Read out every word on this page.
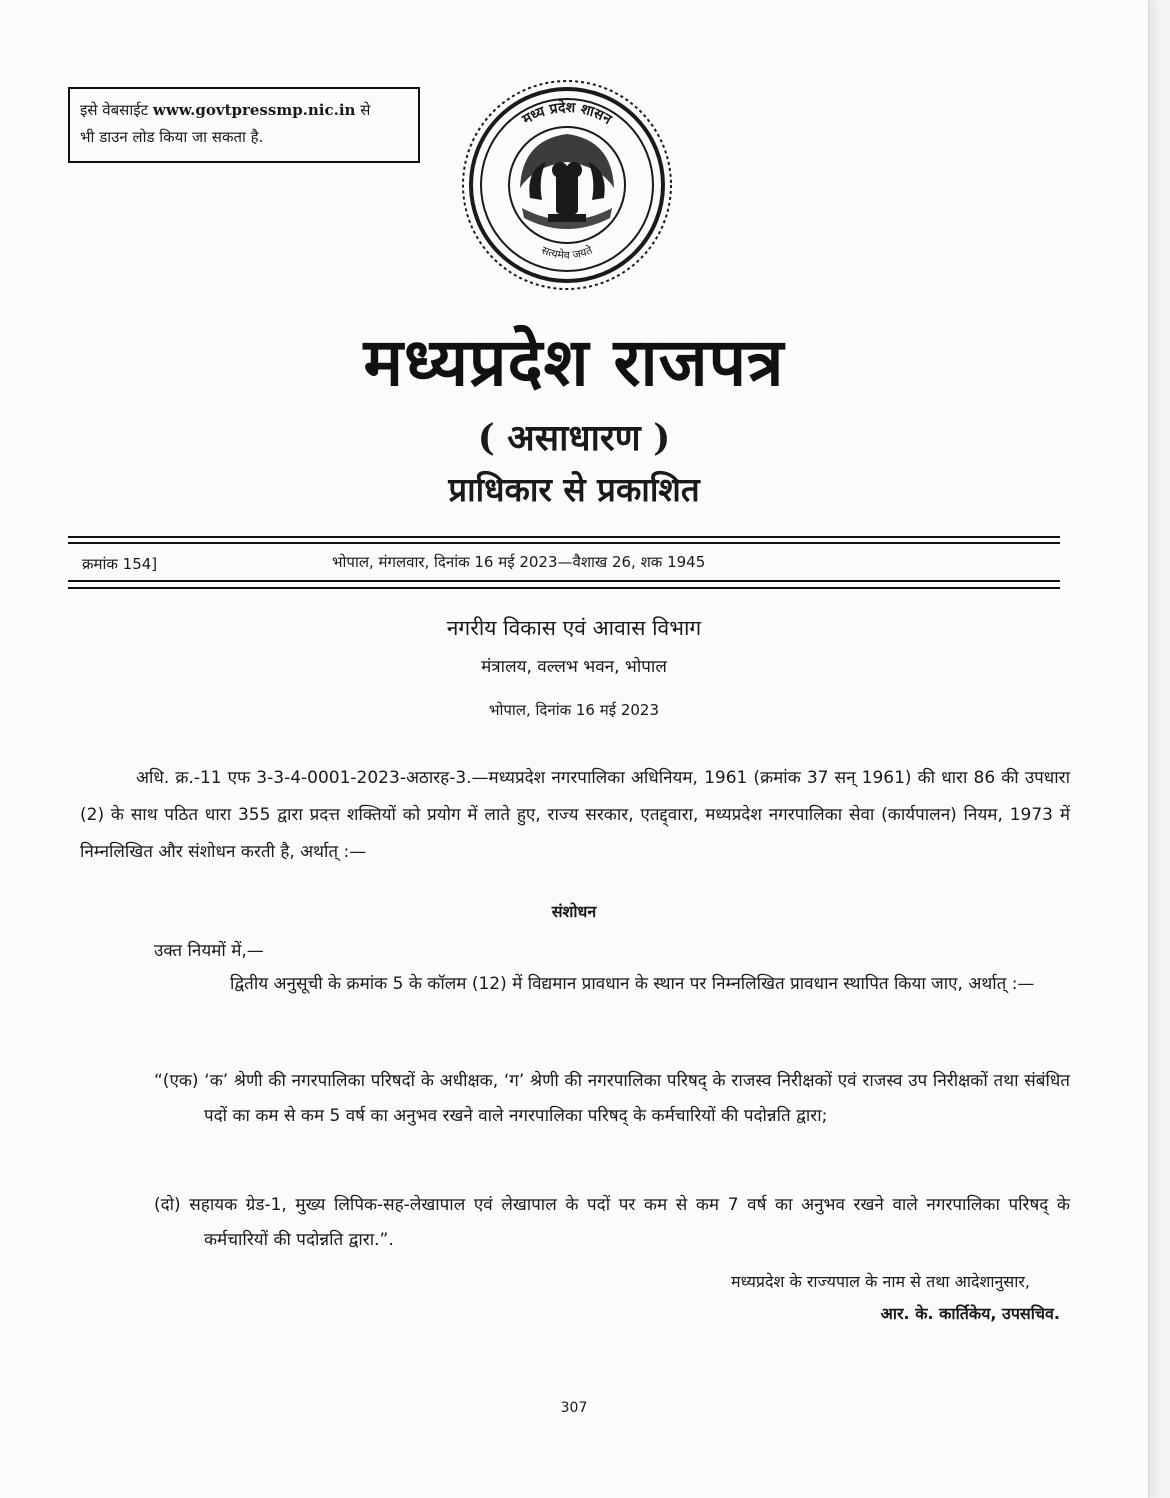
इसे वेबसाईट www.govtpressmp.nic.in से
भी डाउन लोड किया जा सकता है.
मध्य प्रदेश शासन
सत्यमेव जयते
मध्यप्रदेश राजपत्र
( असाधारण )
प्राधिकार से प्रकाशित
क्रमांक 154]	भोपाल, मंगलवार, दिनांक 16 मई 2023—वैशाख 26, शक 1945
नगरीय विकास एवं आवास विभाग
मंत्रालय, वल्लभ भवन, भोपाल
भोपाल, दिनांक 16 मई 2023
अधि. क्र.-11 एफ 3-3-4-0001-2023-अठारह-3.—मध्यप्रदेश नगरपालिका अधिनियम, 1961 (क्रमांक 37 सन् 1961) की धारा 86 की उपधारा (2) के साथ पठित धारा 355 द्वारा प्रदत्त शक्तियों को प्रयोग में लाते हुए, राज्य सरकार, एतद्द्वारा, मध्यप्रदेश नगरपालिका सेवा (कार्यपालन) नियम, 1973 में निम्नलिखित और संशोधन करती है, अर्थात् :—
संशोधन
उक्त नियमों में,—
द्वितीय अनुसूची के क्रमांक 5 के कॉलम (12) में विद्यमान प्रावधान के स्थान पर निम्नलिखित प्रावधान स्थापित किया जाए, अर्थात् :—
“(एक) ‘क’ श्रेणी की नगरपालिका परिषदों के अधीक्षक, ‘ग’ श्रेणी की नगरपालिका परिषद् के राजस्व निरीक्षकों एवं राजस्व उप निरीक्षकों तथा संबंधित पदों का कम से कम 5 वर्ष का अनुभव रखने वाले नगरपालिका परिषद् के कर्मचारियों की पदोन्नति द्वारा;
(दो) सहायक ग्रेड-1, मुख्य लिपिक-सह-लेखापाल एवं लेखापाल के पदों पर कम से कम 7 वर्ष का अनुभव रखने वाले नगरपालिका परिषद् के कर्मचारियों की पदोन्नति द्वारा.”.
मध्यप्रदेश के राज्यपाल के नाम से तथा आदेशानुसार,
आर. के. कार्तिकेय, उपसचिव.
307
